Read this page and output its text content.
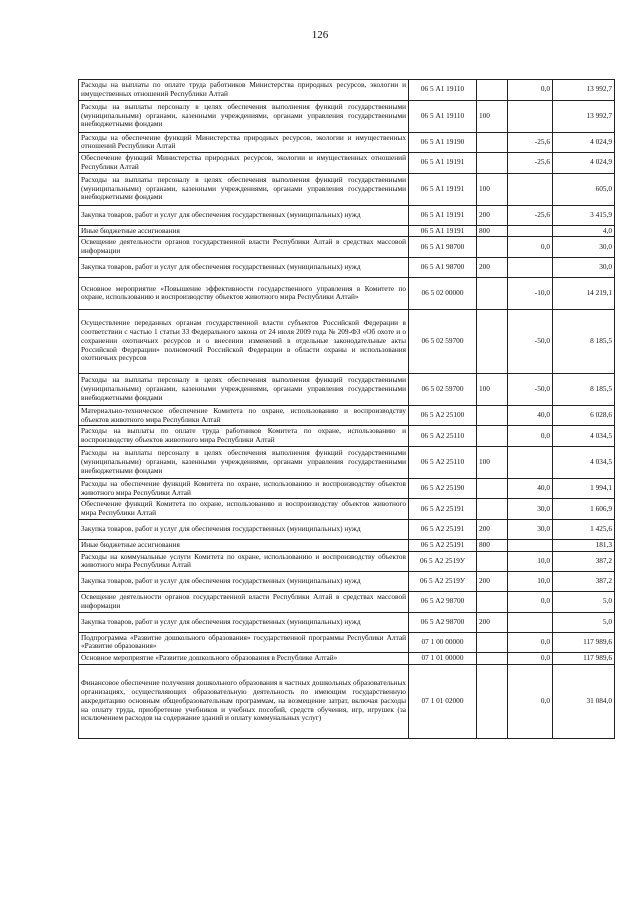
126
Расходы на выплаты по оплате труда работников Министерства природных ресурсов, экологии и имущественных отношений Республики Алтай	06 5 А1 19110		0,0	13 992,7
Расходы на выплаты персоналу в целях обеспечения выполнения функций государственными (муниципальными) органами, казенными учреждениями, органами управления государственными внебюджетными фондами	06 5 А1 19110	100		13 992,7
Расходы на обеспечение функций Министерства природных ресурсов, экологии и имущественных отношений Республики Алтай	06 5 А1 19190		-25,6	4 024,9
Обеспечение функций Министерства природных ресурсов, экологии и имущественных отношений Республики Алтай	06 5 А1 19191		-25,6	4 024,9
Расходы на выплаты персоналу в целях обеспечения выполнения функций государственными (муниципальными) органами, казенными учреждениями, органами управления государственными внебюджетными фондами	06 5 А1 19191	100		605,0
Закупка товаров, работ и услуг для обеспечения государственных (муниципальных) нужд	06 5 А1 19191	200	-25,6	3 415,9
Иные бюджетные ассигнования	06 5 А1 19191	800		4,0
Освещение деятельности органов государственной власти Республики Алтай в средствах массовой информации	06 5 А1 98700		0,0	30,0
Закупка товаров, работ и услуг для обеспечения государственных (муниципальных) нужд	06 5 А1 98700	200		30,0
Основное мероприятие «Повышение эффективности государственного управления в Комитете по охране, использованию и воспроизводству объектов животного мира Республики Алтай»	06 5 02 00000		-10,0	14 219,1
Осуществление переданных органам государственной власти субъектов Российской Федерации в соответствии с частью 1 статьи 33 Федерального закона от 24 июля 2009 года № 209-ФЗ «Об охоте и о сохранении охотничьих ресурсов и о внесении изменений в отдельные законодательные акты Российской Федерации» полномочий Российской Федерации в области охраны и использования охотничьих ресурсов	06 5 02 59700		-50,0	8 185,5
Расходы на выплаты персоналу в целях обеспечения выполнения функций государственными (муниципальными) органами, казенными учреждениями, органами управления государственными внебюджетными фондами	06 5 02 59700	100	-50,0	8 185,5
Материально-техническое обеспечение Комитета по охране, использованию и воспроизводству объектов животного мира Республики Алтай	06 5 А2 25100		40,0	6 028,6
Расходы на выплаты по оплате труда работников Комитета по охране, использованию и воспроизводству объектов животного мира Республики Алтай	06 5 А2 25110		0,0	4 034,5
Расходы на выплаты персоналу в целях обеспечения выполнения функций государственными (муниципальными) органами, казенными учреждениями, органами управления государственными внебюджетными фондами	06 5 А2 25110	100		4 034,5
Расходы на обеспечение функций Комитета по охране, использованию и воспроизводству объектов животного мира Республики Алтай	06 5 А2 25190		40,0	1 994,1
Обеспечение функций Комитета по охране, использованию и воспроизводству объектов животного мира Республики Алтай	06 5 А2 25191		30,0	1 606,9
Закупка товаров, работ и услуг для обеспечения государственных (муниципальных) нужд	06 5 А2 25191	200	30,0	1 425,6
Иные бюджетные ассигнования	06 5 А2 25191	800		181,3
Расходы на коммунальные услуги Комитета по охране, использованию и воспроизводству объектов животного мира Республики Алтай	06 5 А2 2519У		10,0	387,2
Закупка товаров, работ и услуг для обеспечения государственных (муниципальных) нужд	06 5 А2 2519У	200	10,0	387,2
Освещение деятельности органов государственной власти Республики Алтай в средствах массовой информации	06 5 А2 98700		0,0	5,0
Закупка товаров, работ и услуг для обеспечения государственных (муниципальных) нужд	06 5 А2 98700	200		5,0
Подпрограмма «Развитие дошкольного образования» государственной программы Республики Алтай «Развитие образования»	07 1 00 00000		0,0	117 989,6
Основное мероприятие «Развитие дошкольного образования в Республике Алтай»	07 1 01 00000		0,0	117 989,6
Финансовое обеспечение получения дошкольного образования в частных дошкольных образовательных организациях, осуществляющих образовательную деятельность по имеющим государственную аккредитацию основным общеобразовательным программам, на возмещение затрат, включая расходы на оплату труда, приобретение учебников и учебных пособий, средств обучения, игр, игрушек (за исключением расходов на содержание зданий и оплату коммунальных услуг)	07 1 01 02000		0,0	31 084,0
